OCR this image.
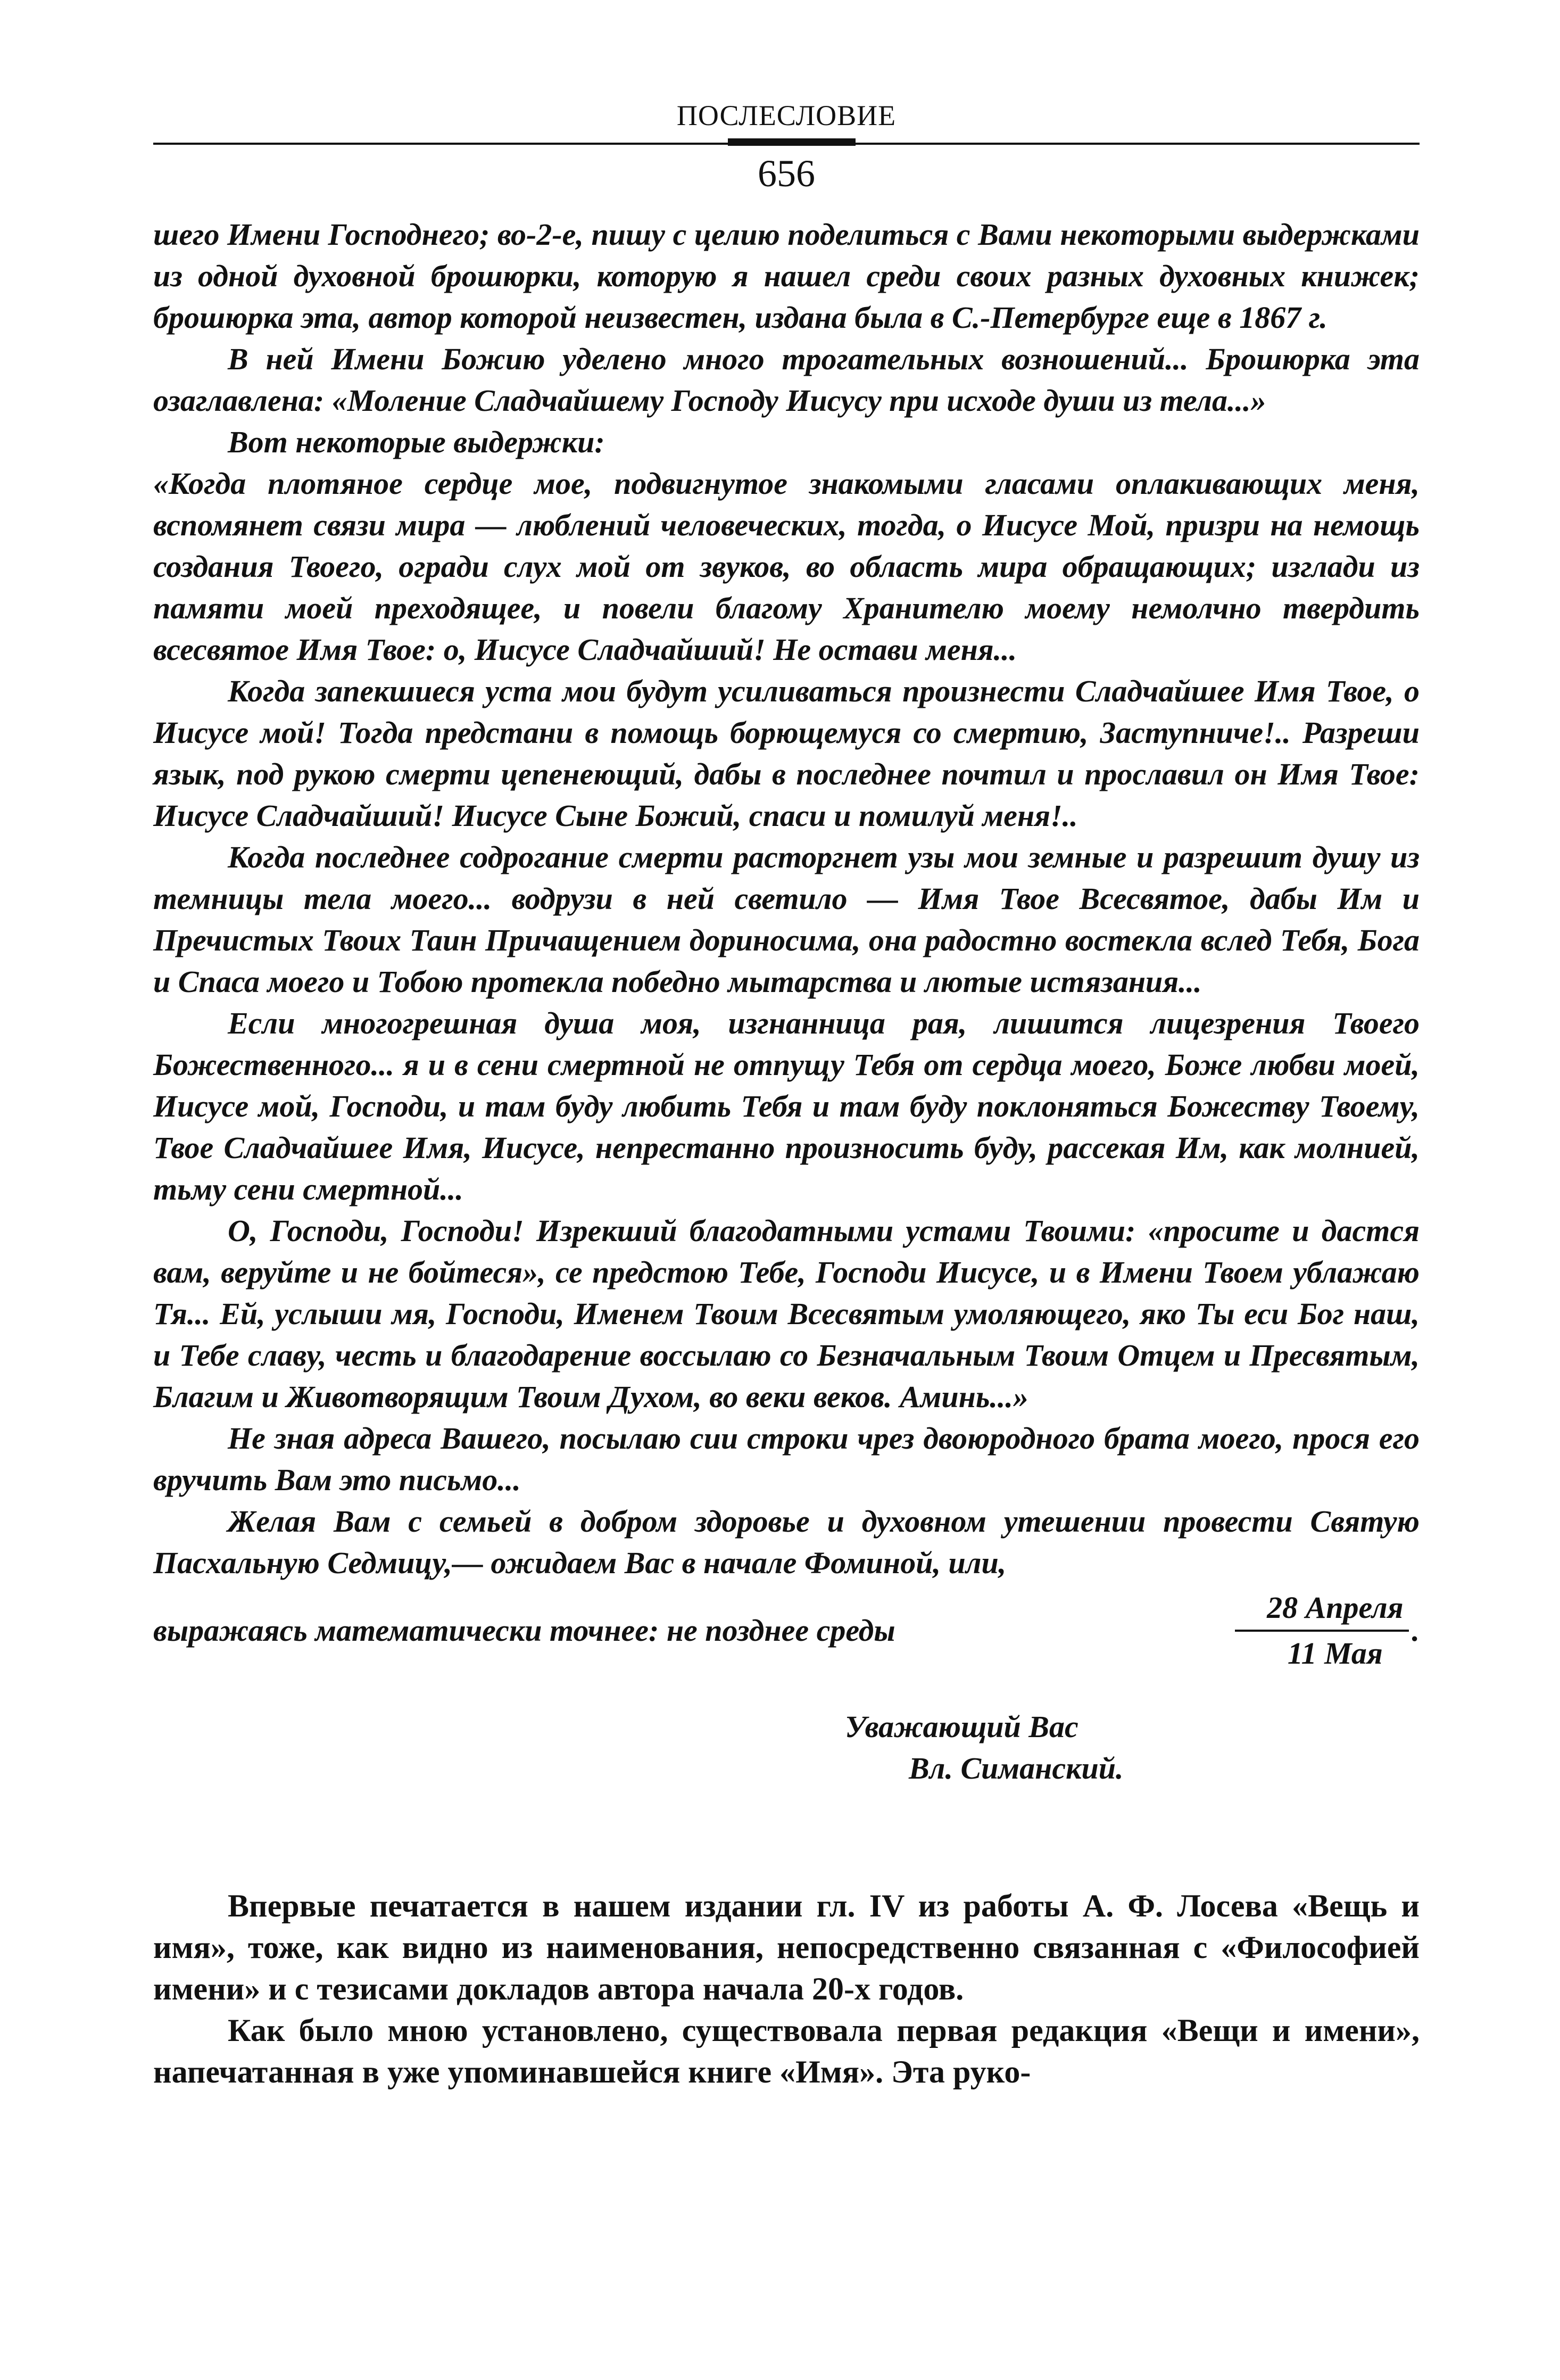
ПОСЛЕСЛОВИЕ
656

шего Имени Господнего; во-2‑е, пишу с целию поделиться с Вами некоторыми выдержками из одной духовной брошюрки, которую я нашел среди своих разных духовных книжек; брошюрка эта, автор которой неизвестен, издана была в С.-Петербурге еще в 1867 г.

В ней Имени Божию уделено много трогательных возношений... Брошюрка эта озаглавлена: «Моление Сладчайшему Господу Иисусу при исходе души из тела...»

Вот некоторые выдержки:

«Когда плотяное сердце мое, подвигнутое знакомыми гласами оплакивающих меня, вспомянет связи мира — люблений человеческих, тогда, о Иисусе Мой, призри на немощь создания Твоего, огради слух мой от звуков, во область мира обращающих; изглади из памяти моей преходящее, и повели благому Хранителю моему немолчно твердить всесвятое Имя Твое: о, Иисусе Сладчайший! Не остави меня...

Когда запекшиеся уста мои будут усиливаться произнести Сладчайшее Имя Твое, о Иисусе мой! Тогда предстани в помощь борющемуся со смертию, Заступниче!.. Разреши язык, под рукою смерти цепенеющий, дабы в последнее почтил и прославил он Имя Твое: Иисусе Сладчайший! Иисусе Сыне Божий, спаси и помилуй меня!..

Когда последнее содрогание смерти расторгнет узы мои земные и разрешит душу из темницы тела моего... водрузи в ней светило — Имя Твое Всесвятое, дабы Им и Пречистых Твоих Таин Причащением дориносима, она радостно востекла вслед Тебя, Бога и Спаса моего и Тобою протекла победно мытарства и лютые истязания...

Если многогрешная душа моя, изгнанница рая, лишится лицезрения Твоего Божественного... я и в сени смертной не отпущу Тебя от сердца моего, Боже любви моей, Иисусе мой, Господи, и там буду любить Тебя и там буду поклоняться Божеству Твоему, Твое Сладчайшее Имя, Иисусе, непрестанно произносить буду, рассекая Им, как молнией, тьму сени смертной...

О, Господи, Господи! Изрекший благодатными устами Твоими: «просите и дастся вам, веруйте и не бойтеся», се предстою Тебе, Господи Иисусе, и в Имени Твоем ублажаю Тя... Ей, услыши мя, Господи, Именем Твоим Всесвятым умоляющего, яко Ты еси Бог наш, и Тебе славу, честь и благодарение воссылаю со Безначальным Твоим Отцем и Пресвятым, Благим и Животворящим Твоим Духом, во веки веков. Аминь...»

Не зная адреса Вашего, посылаю сии строки чрез двоюродного брата моего, прося его вручить Вам это письмо...

Желая Вам с семьей в добром здоровье и духовном утешении провести Святую Пасхальную Седмицу,— ожидаем Вас в начале Фоминой, или,

выражаясь математически точнее: не позднее среды	$\frac{\text{28 Апреля}}{\text{11 Мая}}$ .
Уважающий Вас
Вл. Симанский.

Впервые печатается в нашем издании гл. IV из работы А. Ф. Лосева «Вещь и имя», тоже, как видно из наименования, непосредственно связанная с «Философией имени» и с тезисами докладов автора начала 20-х годов.

Как было мною установлено, существовала первая редакция «Вещи и имени», напечатанная в уже упоминавшейся книге «Имя». Эта руко-
